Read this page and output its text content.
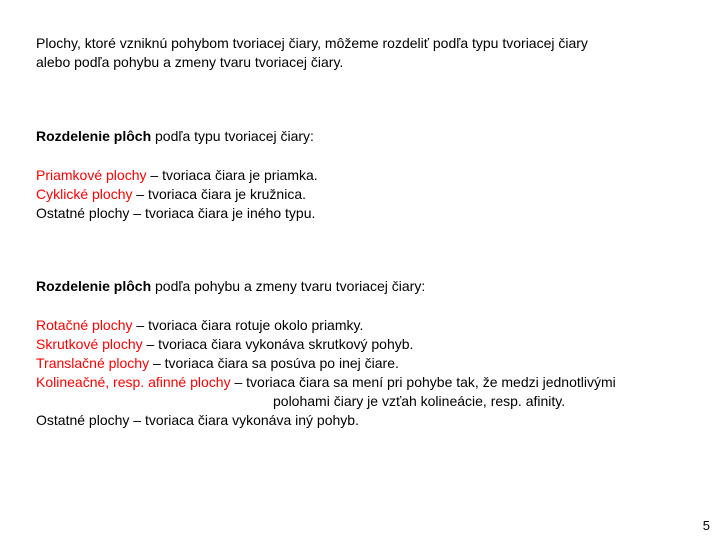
Plochy, ktoré vzniknú pohybom tvoriacej čiary, môžeme rozdeliť podľa typu tvoriacej čiary
alebo podľa pohybu a zmeny tvaru tvoriacej čiary.
Rozdelenie plôch podľa typu tvoriacej čiary:
Priamkové plochy – tvoriaca čiara je priamka.
Cyklické plochy – tvoriaca čiara je kružnica.
Ostatné plochy – tvoriaca čiara je iného typu.
Rozdelenie plôch podľa pohybu a zmeny tvaru tvoriacej čiary:
Rotačné plochy – tvoriaca čiara rotuje okolo priamky.
Skrutkové plochy – tvoriaca čiara vykonáva skrutkový pohyb.
Translačné plochy – tvoriaca čiara sa posúva po inej čiare.
Kolineačné, resp. afinné plochy – tvoriaca čiara sa mení pri pohybe tak, že medzi jednotlivými
polohami čiary je vzťah kolineácie, resp. afinity.
Ostatné plochy – tvoriaca čiara vykonáva iný pohyb.
5
